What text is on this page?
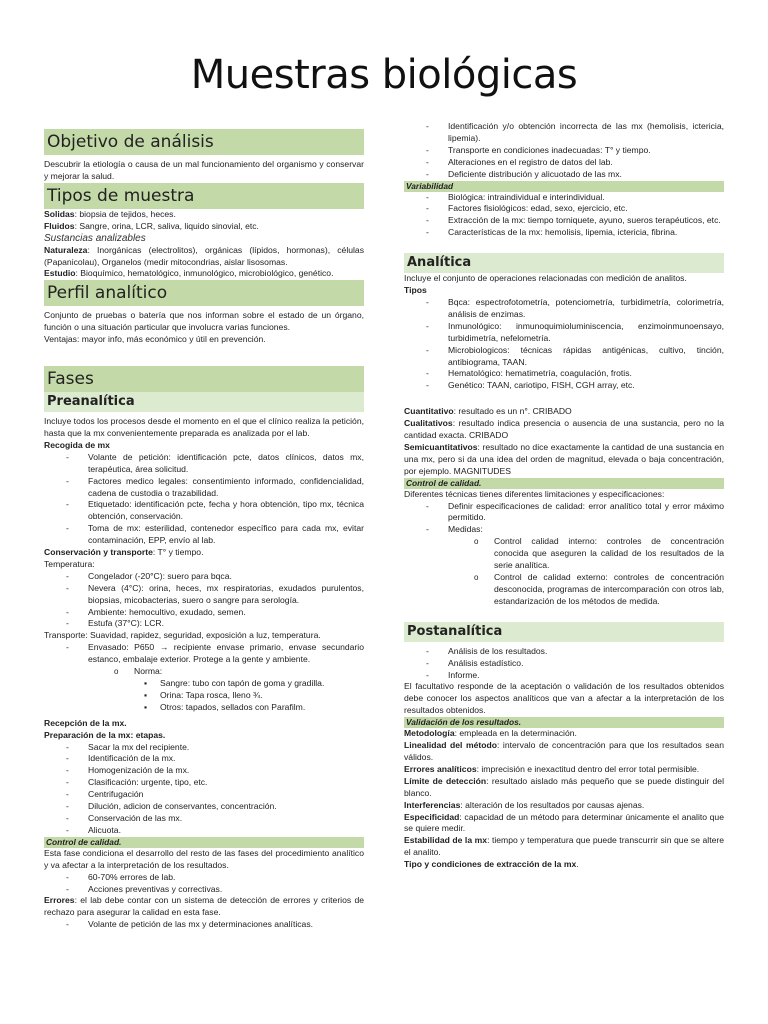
Muestras biológicas
Objetivo de análisis

Descubrir la etiología o causa de un mal funcionamiento del organismo y conservar y mejorar la salud.

Tipos de muestra

Solidas: biopsia de tejidos, heces.

Fluidos: Sangre, orina, LCR, saliva, liquido sinovial, etc.

Sustancias analizables

Naturaleza: Inorgánicas (electrolitos), orgánicas (lípidos, hormonas), células (Papanicolau), Organelos (medir mitocondrias, aislar lisosomas.

Estudio: Bioquímico, hematológico, inmunológico, microbiológico, genético.

Perfil analítico

Conjunto de pruebas o batería que nos informan sobre el estado de un órgano, función o una situación particular que involucra varias funciones.

Ventajas: mayor info, más económico y útil en prevención.

Fases
Preanalítica

Incluye todos los procesos desde el momento en el que el clínico realiza la petición, hasta que la mx convenientemente preparada es analizada por el lab.

Recogida de mx

- Volante de petición: identificación pcte, datos clínicos, datos mx, terapéutica, área solicitud.
- Factores medico legales: consentimiento informado, confidencialidad, cadena de custodia o trazabilidad.
- Etiquetado: identificación pcte, fecha y hora obtención, tipo mx, técnica obtención, conservación.
- Toma de mx: esterilidad, contenedor específico para cada mx, evitar contaminación, EPP, envío al lab.

Conservación y transporte: T° y tiempo.

Temperatura:

- Congelador (-20°C): suero para bqca.
- Nevera (4°C): orina, heces, mx respiratorias, exudados purulentos, biopsias, micobacterias, suero o sangre para serología.
- Ambiente: hemocultivo, exudado, semen.
- Estufa (37°C): LCR.

Transporte: Suavidad, rapidez, seguridad, exposición a luz, temperatura.

- Envasado: P650 → recipiente envase primario, envase secundario estanco, embalaje exterior. Protege a la gente y ambiente.
o Norma:
▪ Sangre: tubo con tapón de goma y gradilla.
▪ Orina: Tapa rosca, lleno ¾.
▪ Otros: tapados, sellados con Parafilm.

Recepción de la mx.

Preparación de la mx: etapas.

- Sacar la mx del recipiente.
- Identificación de la mx.
- Homogenización de la mx.
- Clasificación: urgente, tipo, etc.
- Centrifugación
- Dilución, adicion de conservantes, concentración.
- Conservación de las mx.
- Alicuota.
Control de calidad.

Esta fase condiciona el desarrollo del resto de las fases del procedimiento analítico y va afectar a la interpretación de los resultados.

- 60-70% errores de lab.
- Acciones preventivas y correctivas.

Errores: el lab debe contar con un sistema de detección de errores y criterios de rechazo para asegurar la calidad en esta fase.

- Volante de petición de las mx y determinaciones analíticas.
- Identificación y/o obtención incorrecta de las mx (hemolisis, ictericia, lipemia).
- Transporte en condiciones inadecuadas: T° y tiempo.
- Alteraciones en el registro de datos del lab.
- Deficiente distribución y alicuotado de las mx.
Variabilidad
- Biológica: intraindividual e interindividual.
- Factores fisiológicos: edad, sexo, ejercicio, etc.
- Extracción de la mx: tiempo torniquete, ayuno, sueros terapéuticos, etc.
- Características de la mx: hemolisis, lipemia, ictericia, fibrina.
Analítica

Incluye el conjunto de operaciones relacionadas con medición de analitos.

Tipos

- Bqca: espectrofotometría, potenciometría, turbidimetría, colorimetría, análisis de enzimas.
- Inmunológico: inmunoquimioluminiscencia, enzimoinmunoensayo, turbidimetría, nefelometría.
- Microbiologicos: técnicas rápidas antigénicas, cultivo, tinción, antibiograma, TAAN.
- Hematológico: hematimetría, coagulación, frotis.
- Genético: TAAN, cariotipo, FISH, CGH array, etc.

Cuantitativo: resultado es un n°. CRIBADO

Cualitativos: resultado indica presencia o ausencia de una sustancia, pero no la cantidad exacta. CRIBADO

Semicuantitativos: resultado no dice exactamente la cantidad de una sustancia en una mx, pero si da una idea del orden de magnitud, elevada o baja concentración, por ejemplo. MAGNITUDES

Control de calidad.

Diferentes técnicas tienes diferentes limitaciones y especificaciones:

- Definir especificaciones de calidad: error analítico total y error máximo permitido.
- Medidas:
o Control calidad interno: controles de concentración conocida que aseguren la calidad de los resultados de la serie analítica.
o Control de calidad externo: controles de concentración desconocida, programas de intercomparación con otros lab, estandarización de los métodos de medida.
Postanalítica
- Análisis de los resultados.
- Análisis estadístico.
- Informe.

El facultativo responde de la aceptación o validación de los resultados obtenidos debe conocer los aspectos analíticos que van a afectar a la interpretación de los resultados obtenidos.

Validación de los resultados.

Metodología: empleada en la determinación.

Linealidad del método: intervalo de concentración para que los resultados sean válidos.

Errores analíticos: imprecisión e inexactitud dentro del error total permisible.

Límite de detección: resultado aislado más pequeño que se puede distinguir del blanco.

Interferencias: alteración de los resultados por causas ajenas.

Especificidad: capacidad de un método para determinar únicamente el analito que se quiere medir.

Estabilidad de la mx: tiempo y temperatura que puede transcurrir sin que se altere el analito.

Tipo y condiciones de extracción de la mx.
